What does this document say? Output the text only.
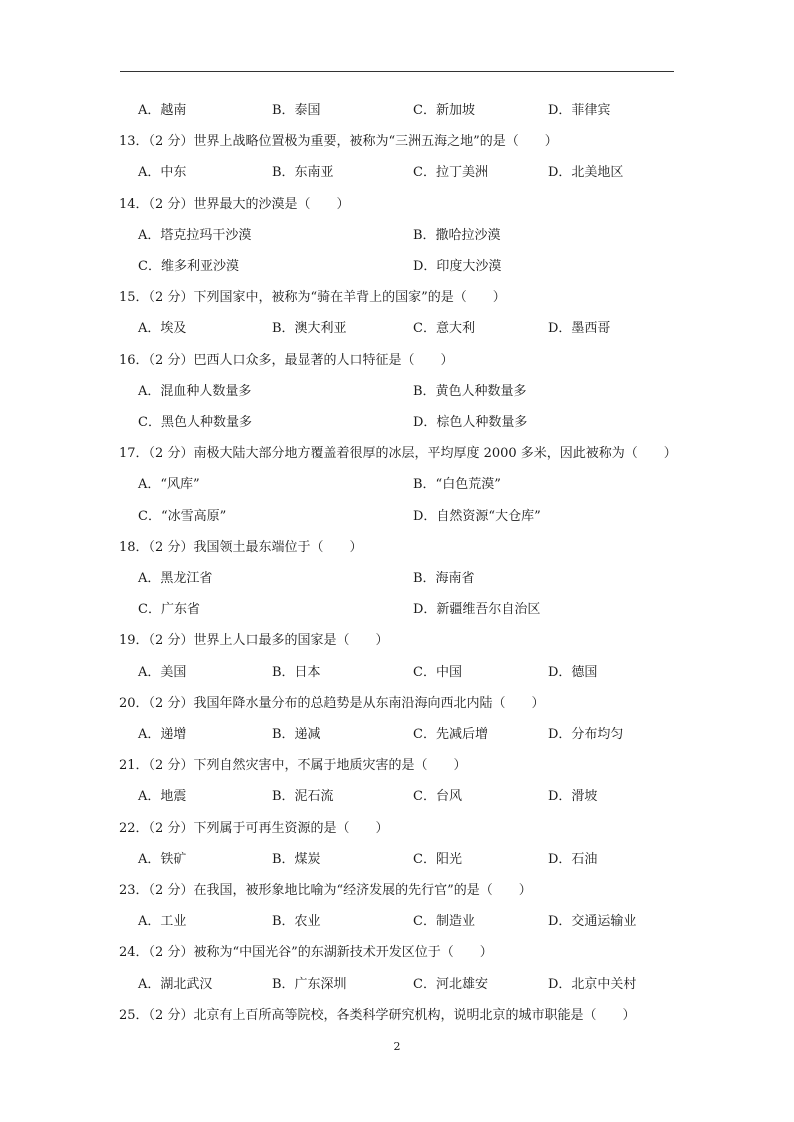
A．越南	B．泰国	C．新加坡	D．菲律宾
13．（2 分）世界上战略位置极为重要，被称为“三洲五海之地”的是（　　）
A．中东	B．东南亚	C．拉丁美洲	D．北美地区
14．（2 分）世界最大的沙漠是（　　）
A．塔克拉玛干沙漠	B．撒哈拉沙漠
C．维多利亚沙漠	D．印度大沙漠
15．（2 分）下列国家中，被称为“骑在羊背上的国家”的是（　　）
A．埃及	B．澳大利亚	C．意大利	D．墨西哥
16．（2 分）巴西人口众多，最显著的人口特征是（　　）
A．混血种人数量多	B．黄色人种数量多
C．黑色人种数量多	D．棕色人种数量多
17．（2 分）南极大陆大部分地方覆盖着很厚的冰层，平均厚度 2000 多米，因此被称为（　　）
A．“风库”	B．“白色荒漠”
C．“冰雪高原”	D．自然资源“大仓库”
18．（2 分）我国领土最东端位于（　　）
A．黑龙江省	B．海南省
C．广东省	D．新疆维吾尔自治区
19．（2 分）世界上人口最多的国家是（　　）
A．美国	B．日本	C．中国	D．德国
20．（2 分）我国年降水量分布的总趋势是从东南沿海向西北内陆（　　）
A．递增	B．递减	C．先减后增	D．分布均匀
21．（2 分）下列自然灾害中，不属于地质灾害的是（　　）
A．地震	B．泥石流	C．台风	D．滑坡
22．（2 分）下列属于可再生资源的是（　　）
A．铁矿	B．煤炭	C．阳光	D．石油
23．（2 分）在我国，被形象地比喻为“经济发展的先行官”的是（　　）
A．工业	B．农业	C．制造业	D．交通运输业
24．（2 分）被称为“中国光谷”的东湖新技术开发区位于（　　）
A．湖北武汉	B．广东深圳	C．河北雄安	D．北京中关村
25．（2 分）北京有上百所高等院校，各类科学研究机构，说明北京的城市职能是（　　）
2
